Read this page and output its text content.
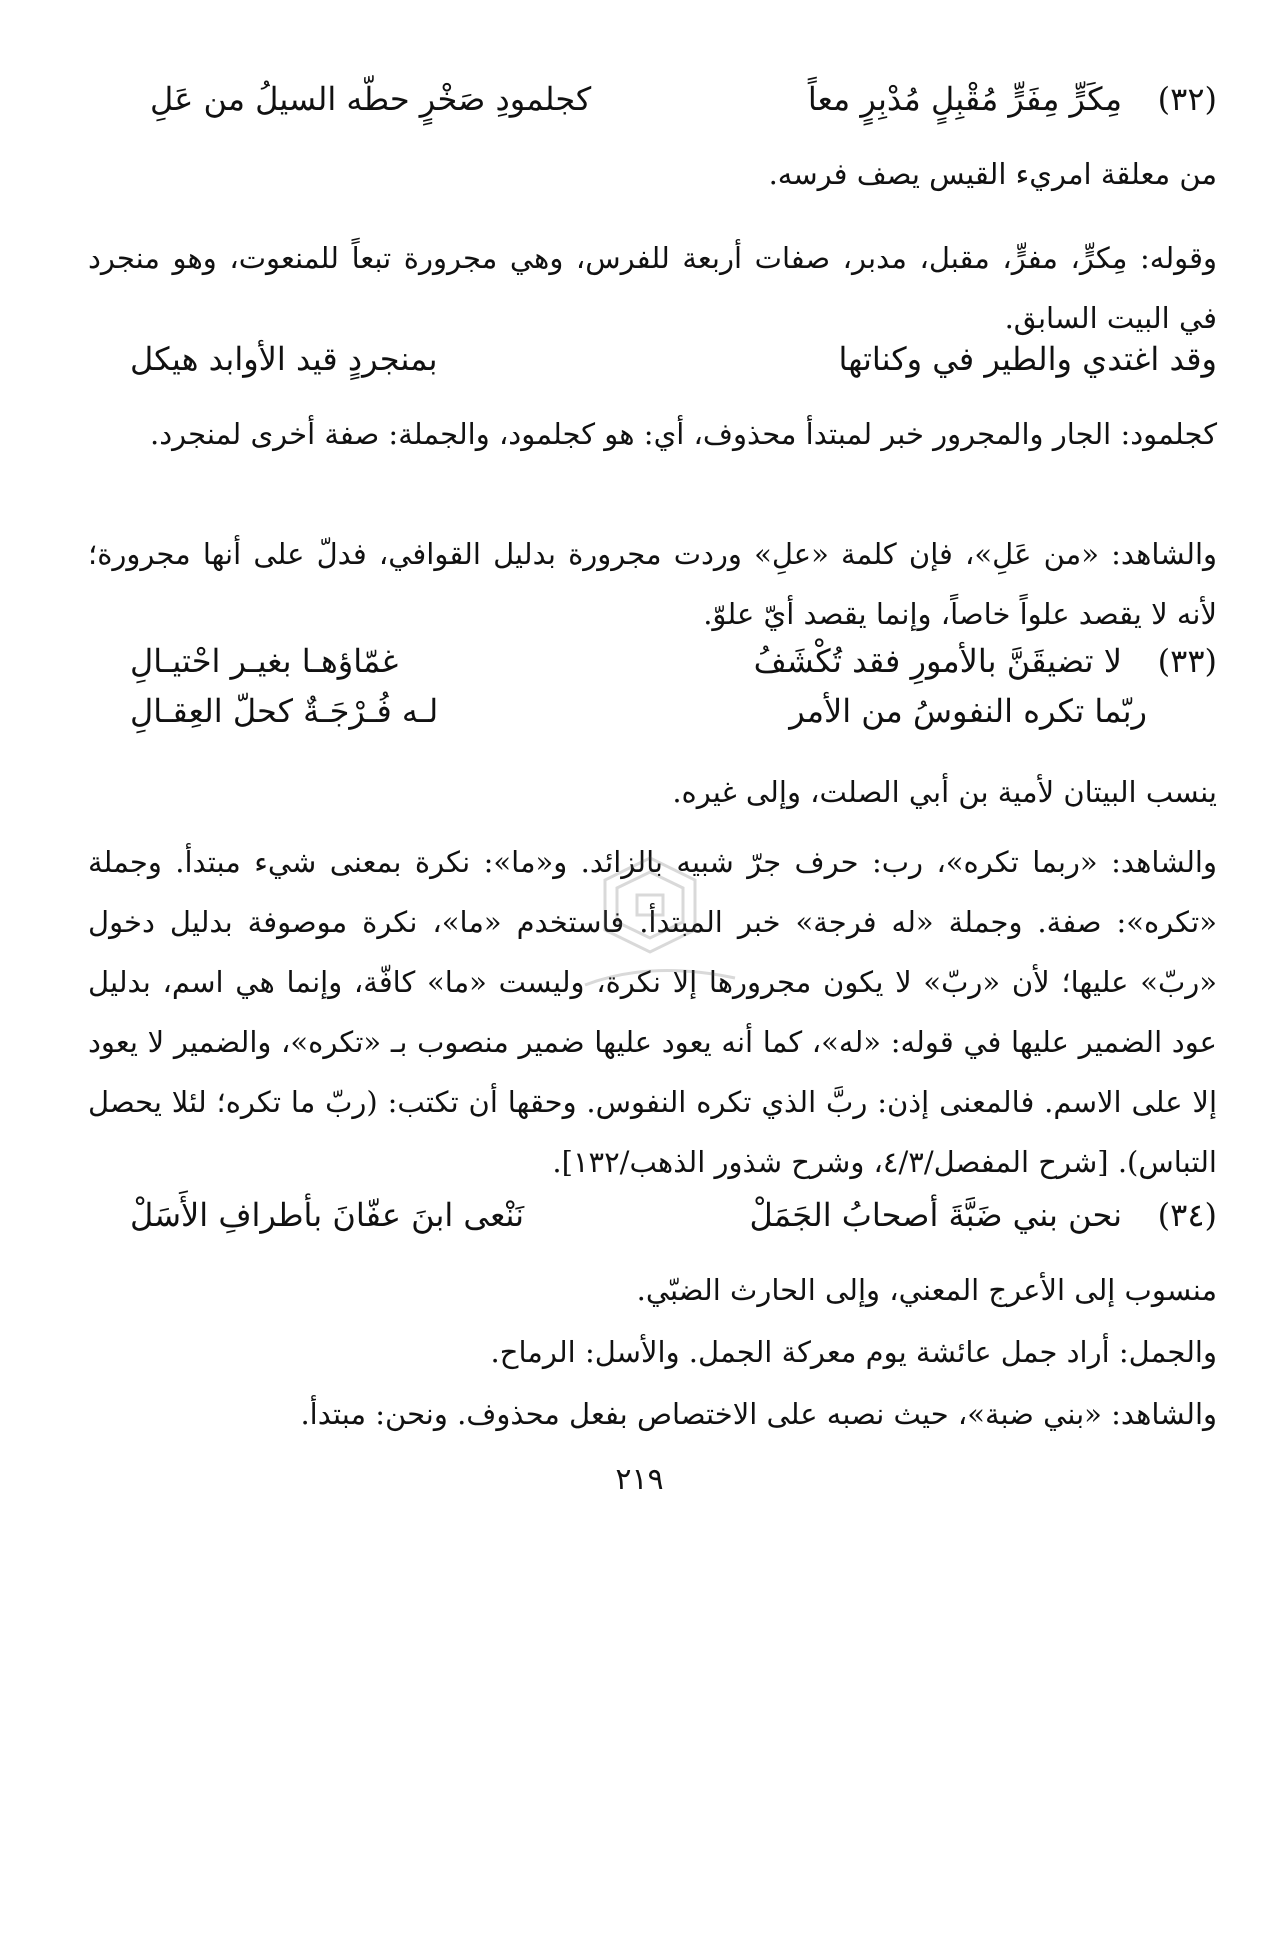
(٣٢)
مِكَرٍّ مِفَرٍّ مُقْبِلٍ مُدْبِرٍ معاً
كجلمودِ صَخْرٍ حطّه السيلُ من عَلِ
من معلقة امريء القيس يصف فرسه.
وقوله: مِكرٍّ، مفرٍّ، مقبل، مدبر، صفات أربعة للفرس، وهي مجرورة تبعاً للمنعوت، وهو منجرد في البيت السابق.
وقد اغتدي والطير في وكناتها
بمنجردٍ قيد الأوابد هيكل
كجلمود: الجار والمجرور خبر لمبتدأ محذوف، أي: هو كجلمود، والجملة: صفة أخرى لمنجرد.
والشاهد: «من عَلِ»، فإن كلمة «علِ» وردت مجرورة بدليل القوافي، فدلّ على أنها مجرورة؛ لأنه لا يقصد علواً خاصاً، وإنما يقصد أيّ علوّ.
(٣٣)
لا تضيقَنَّ بالأمورِ فقد تُكْشَفُ
غمّاؤهـا بغيـر احْتيـالِ
ربّما تكره النفوسُ من الأمر
لـه فُـرْجَـةٌ كحلّ العِقـالِ
ينسب البيتان لأمية بن أبي الصلت، وإلى غيره.
والشاهد: «ربما تكره»، رب: حرف جرّ شبيه بالزائد. و«ما»: نكرة بمعنى شيء مبتدأ. وجملة «تكره»: صفة. وجملة «له فرجة» خبر المبتدأ. فاستخدم «ما»، نكرة موصوفة بدليل دخول «ربّ» عليها؛ لأن «ربّ» لا يكون مجرورها إلا نكرة، وليست «ما» كافّة، وإنما هي اسم، بدليل عود الضمير عليها في قوله: «له»، كما أنه يعود عليها ضمير منصوب بـ «تكره»، والضمير لا يعود إلا على الاسم. فالمعنى إذن: ربَّ الذي تكره النفوس. وحقها أن تكتب: (ربّ ما تكره؛ لئلا يحصل التباس). [شرح المفصل/٤/٣، وشرح شذور الذهب/١٣٢].
(٣٤)
نحن بني ضَبَّةَ أصحابُ الجَمَلْ
نَنْعى ابنَ عفّانَ بأطرافِ الأَسَلْ
منسوب إلى الأعرج المعني، وإلى الحارث الضبّي.
والجمل: أراد جمل عائشة يوم معركة الجمل. والأسل: الرماح.
والشاهد: «بني ضبة»، حيث نصبه على الاختصاص بفعل محذوف. ونحن: مبتدأ.
٢١٩
